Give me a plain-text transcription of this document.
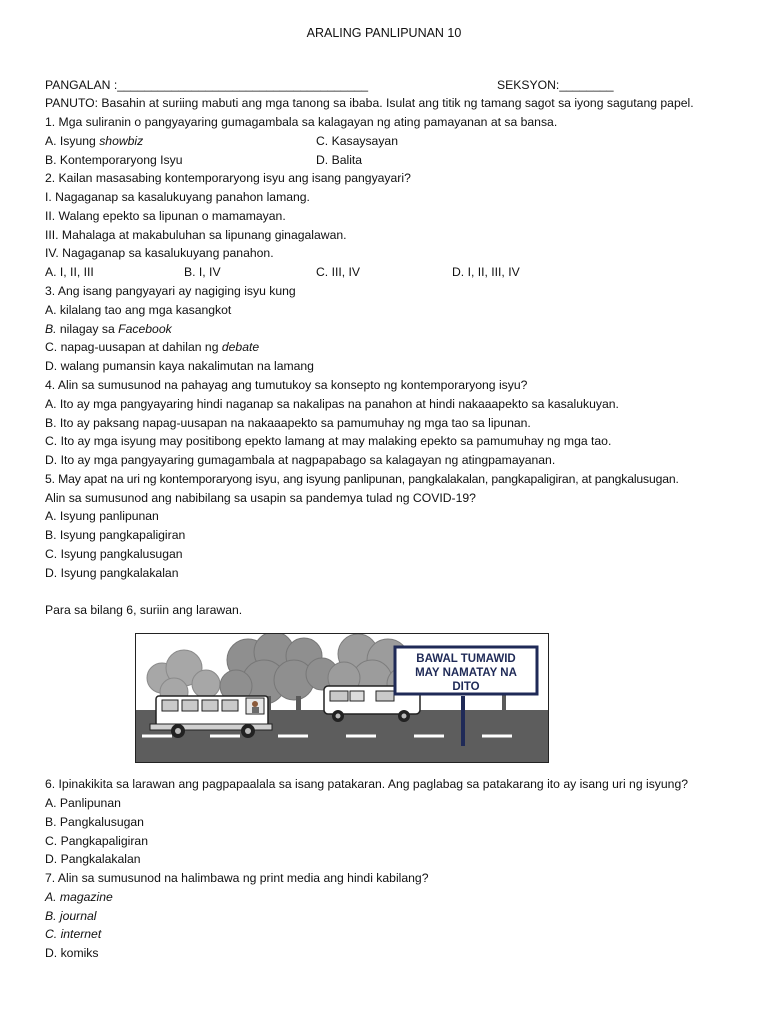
ARALING PANLIPUNAN 10
PANGALAN :_____________________________________	SEKSYON:________
PANUTO: Basahin at suriing mabuti ang mga tanong sa ibaba. Isulat ang titik ng tamang sagot sa iyong sagutang papel.
1. Mga suliranin o pangyayaring gumagambala sa kalagayan ng ating pamayanan at sa bansa.
A. Isyung showbiz	C. Kasaysayan
B. Kontemporaryong Isyu	D. Balita
2. Kailan masasabing kontemporaryong isyu ang isang pangyayari?
I. Nagaganap sa kasalukuyang panahon lamang.
II. Walang epekto sa lipunan o mamamayan.
III. Mahalaga at makabuluhan sa lipunang ginagalawan.
IV. Nagaganap sa kasalukuyang panahon.
A. I, II, III	B. I, IV	C. III, IV	D. I, II, III, IV
3. Ang isang pangyayari ay nagiging isyu kung
A. kilalang tao ang mga kasangkot
B. nilagay sa Facebook
C. napag-uusapan at dahilan ng debate
D. walang pumansin kaya nakalimutan na lamang
4. Alin sa sumusunod na pahayag ang tumutukoy sa konsepto ng kontemporaryong isyu?
A. Ito ay mga pangyayaring hindi naganap sa nakalipas na panahon at hindi nakaaapekto sa kasalukuyan.
B. Ito ay paksang napag-uusapan na nakaaapekto sa pamumuhay ng mga tao sa lipunan.
C. Ito ay mga isyung may positibong epekto lamang at may malaking epekto sa pamumuhay ng mga tao.
D. Ito ay mga pangyayaring gumagambala at nagpapabago sa kalagayan ng atingpamayanan.
5. May apat na uri ng kontemporaryong isyu, ang isyung panlipunan, pangkalakalan, pangkapaligiran, at pangkalusugan.
Alin sa sumusunod ang nabibilang sa usapin sa pandemya tulad ng COVID-19?
A. Isyung panlipunan
B. Isyung pangkapaligiran
C. Isyung pangkalusugan
D. Isyung pangkalakalan
Para sa bilang 6, suriin ang larawan.
BAWAL TUMAWID
MAY NAMATAY NA
DITO
6. Ipinakikita sa larawan ang pagpapaalala sa isang patakaran. Ang paglabag sa patakarang ito ay isang uri ng isyung?
A. Panlipunan
B. Pangkalusugan
C. Pangkapaligiran
D. Pangkalakalan
7. Alin sa sumusunod na halimbawa ng print media ang hindi kabilang?
A. magazine
B. journal
C. internet
D. komiks
